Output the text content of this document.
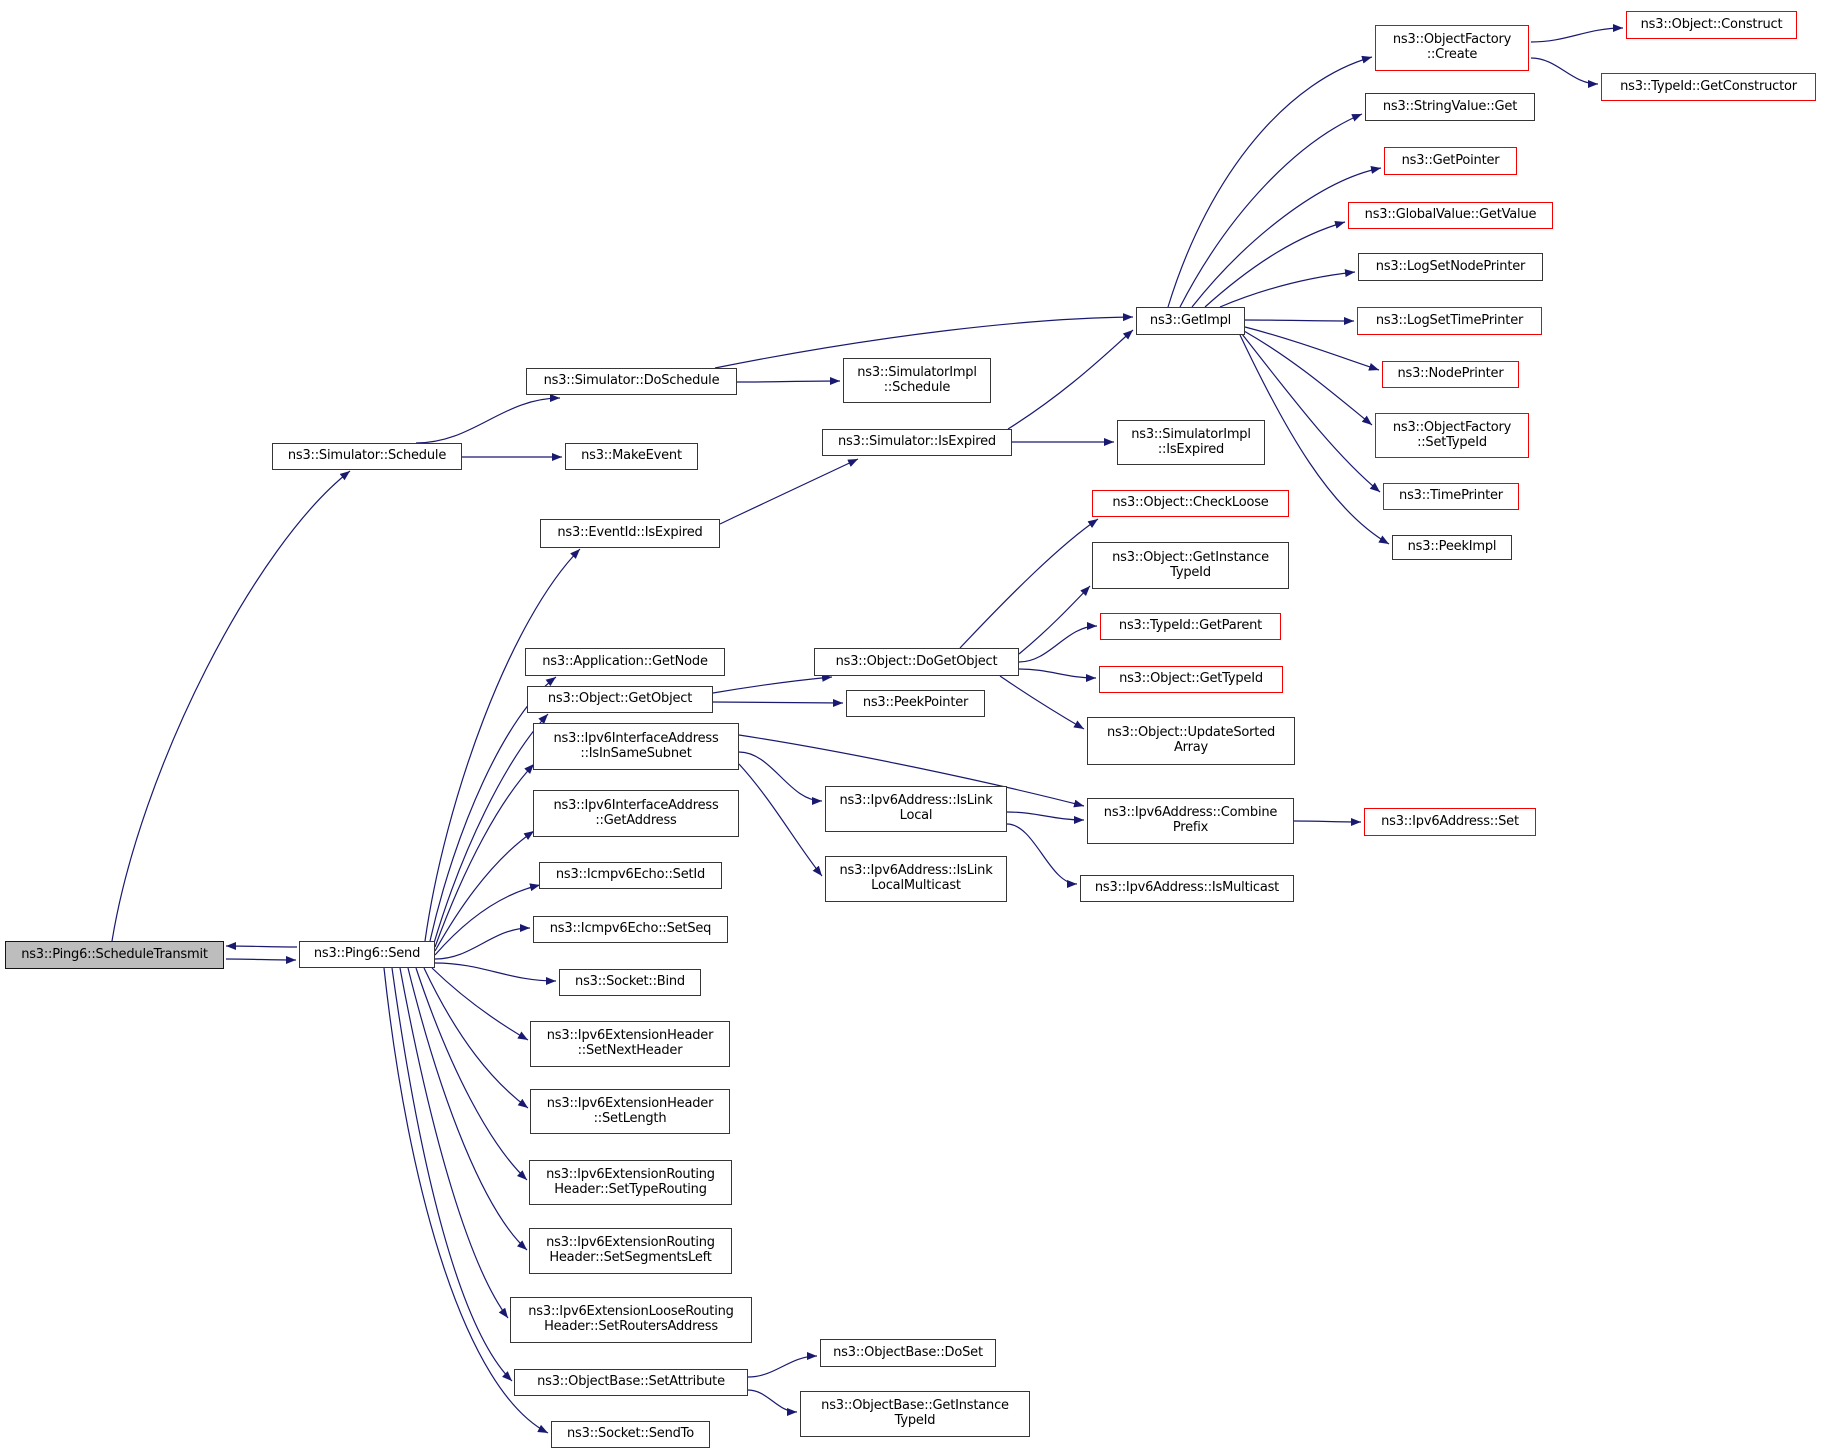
ns3::Ping6::ScheduleTransmit	ns3::Ping6::Send
ns3::Simulator::Schedule
ns3::Simulator::DoSchedule
ns3::MakeEvent
ns3::SimulatorImpl
::Schedule
ns3::Simulator::IsExpired
ns3::EventId::IsExpired
ns3::GetImpl
ns3::SimulatorImpl
::IsExpired
ns3::Application::GetNode	ns3::Object::DoGetObject
ns3::Object::GetObject	ns3::PeekPointer
ns3::Object::CheckLoose
ns3::Object::GetInstance
TypeId
ns3::TypeId::GetParent
ns3::Object::GetTypeId
ns3::Object::UpdateSorted
Array
ns3::Ipv6InterfaceAddress
::IsInSameSubnet
ns3::Ipv6InterfaceAddress
::GetAddress
ns3::Icmpv6Echo::SetId
ns3::Icmpv6Echo::SetSeq
ns3::Socket::Bind
ns3::Ipv6ExtensionHeader
::SetNextHeader
ns3::Ipv6ExtensionHeader
::SetLength
ns3::Ipv6ExtensionRouting
Header::SetTypeRouting
ns3::Ipv6ExtensionRouting
Header::SetSegmentsLeft
ns3::Ipv6ExtensionLooseRouting
Header::SetRoutersAddress
ns3::ObjectBase::SetAttribute
ns3::Socket::SendTo
ns3::ObjectBase::DoSet
ns3::ObjectBase::GetInstance
TypeId
ns3::Ipv6Address::IsLink
Local
ns3::Ipv6Address::IsLink
LocalMulticast
ns3::Ipv6Address::Combine
Prefix
ns3::Ipv6Address::IsMulticast
ns3::Ipv6Address::Set
ns3::ObjectFactory
::Create
ns3::StringValue::Get
ns3::GetPointer
ns3::GlobalValue::GetValue
ns3::LogSetNodePrinter
ns3::LogSetTimePrinter
ns3::NodePrinter
ns3::ObjectFactory
::SetTypeId
ns3::TimePrinter
ns3::PeekImpl
ns3::Object::Construct
ns3::TypeId::GetConstructor
